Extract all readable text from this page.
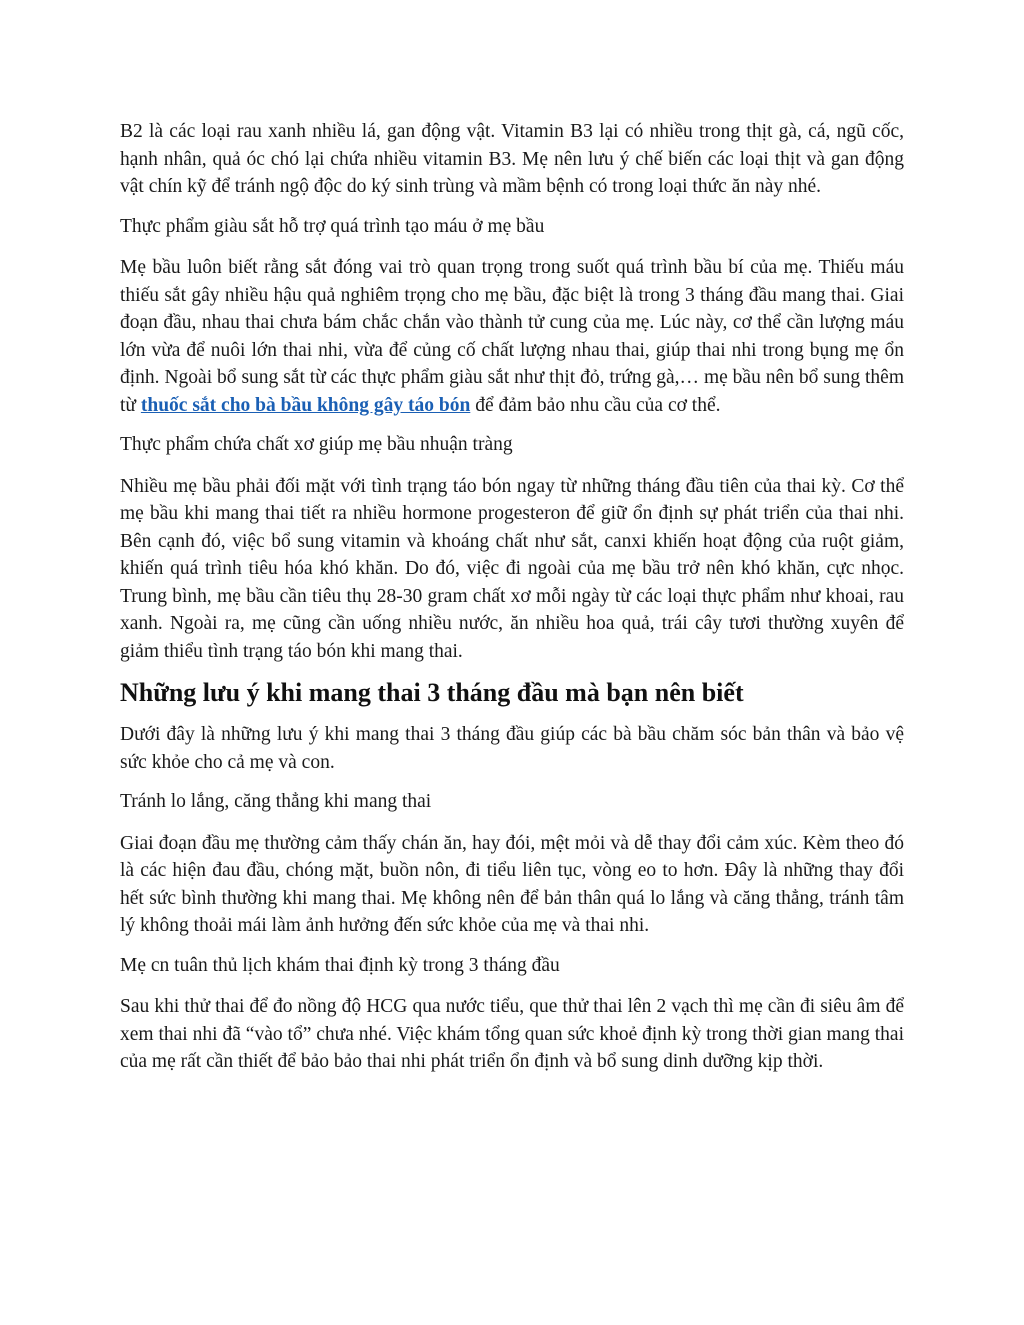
B2 là các loại rau xanh nhiều lá, gan động vật. Vitamin B3 lại có nhiều trong thịt gà, cá, ngũ cốc, hạnh nhân, quả óc chó lại chứa nhiều vitamin B3. Mẹ nên lưu ý chế biến các loại thịt và gan động vật chín kỹ để tránh ngộ độc do ký sinh trùng và mầm bệnh có trong loại thức ăn này nhé.

Thực phẩm giàu sắt hỗ trợ quá trình tạo máu ở mẹ bầu

Mẹ bầu luôn biết rằng sắt đóng vai trò quan trọng trong suốt quá trình bầu bí của mẹ. Thiếu máu thiếu sắt gây nhiều hậu quả nghiêm trọng cho mẹ bầu, đặc biệt là trong 3 tháng đầu mang thai. Giai đoạn đầu, nhau thai chưa bám chắc chắn vào thành tử cung của mẹ. Lúc này, cơ thể cần lượng máu lớn vừa để nuôi lớn thai nhi, vừa để củng cố chất lượng nhau thai, giúp thai nhi trong bụng mẹ ổn định. Ngoài bổ sung sắt từ các thực phẩm giàu sắt như thịt đỏ, trứng gà,… mẹ bầu nên bổ sung thêm từ thuốc sắt cho bà bầu không gây táo bón để đảm bảo nhu cầu của cơ thể.

Thực phẩm chứa chất xơ giúp mẹ bầu nhuận tràng

Nhiều mẹ bầu phải đối mặt với tình trạng táo bón ngay từ những tháng đầu tiên của thai kỳ. Cơ thể mẹ bầu khi mang thai tiết ra nhiều hormone progesteron để giữ ổn định sự phát triển của thai nhi. Bên cạnh đó, việc bổ sung vitamin và khoáng chất như sắt, canxi khiến hoạt động của ruột giảm, khiến quá trình tiêu hóa khó khăn. Do đó, việc đi ngoài của mẹ bầu trở nên khó khăn, cực nhọc. Trung bình, mẹ bầu cần tiêu thụ 28-30 gram chất xơ mỗi ngày từ các loại thực phẩm như khoai, rau xanh. Ngoài ra, mẹ cũng cần uống nhiều nước, ăn nhiều hoa quả, trái cây tươi thường xuyên để giảm thiểu tình trạng táo bón khi mang thai.

Những lưu ý khi mang thai 3 tháng đầu mà bạn nên biết

Dưới đây là những lưu ý khi mang thai 3 tháng đầu giúp các bà bầu chăm sóc bản thân và bảo vệ sức khỏe cho cả mẹ và con.

Tránh lo lắng, căng thẳng khi mang thai

Giai đoạn đầu mẹ thường cảm thấy chán ăn, hay đói, mệt mỏi và dễ thay đổi cảm xúc. Kèm theo đó là các hiện đau đầu, chóng mặt, buồn nôn, đi tiểu liên tục, vòng eo to hơn. Đây là những thay đổi hết sức bình thường khi mang thai. Mẹ không nên để bản thân quá lo lắng và căng thẳng, tránh tâm lý không thoải mái làm ảnh hưởng đến sức khỏe của mẹ và thai nhi.

Mẹ cn tuân thủ lịch khám thai định kỳ trong 3 tháng đầu

Sau khi thử thai để đo nồng độ HCG qua nước tiểu, que thử thai lên 2 vạch thì mẹ cần đi siêu âm để xem thai nhi đã “vào tổ” chưa nhé. Việc khám tổng quan sức khoẻ định kỳ trong thời gian mang thai của mẹ rất cần thiết để bảo bảo thai nhi phát triển ổn định và bổ sung dinh dưỡng kịp thời.
